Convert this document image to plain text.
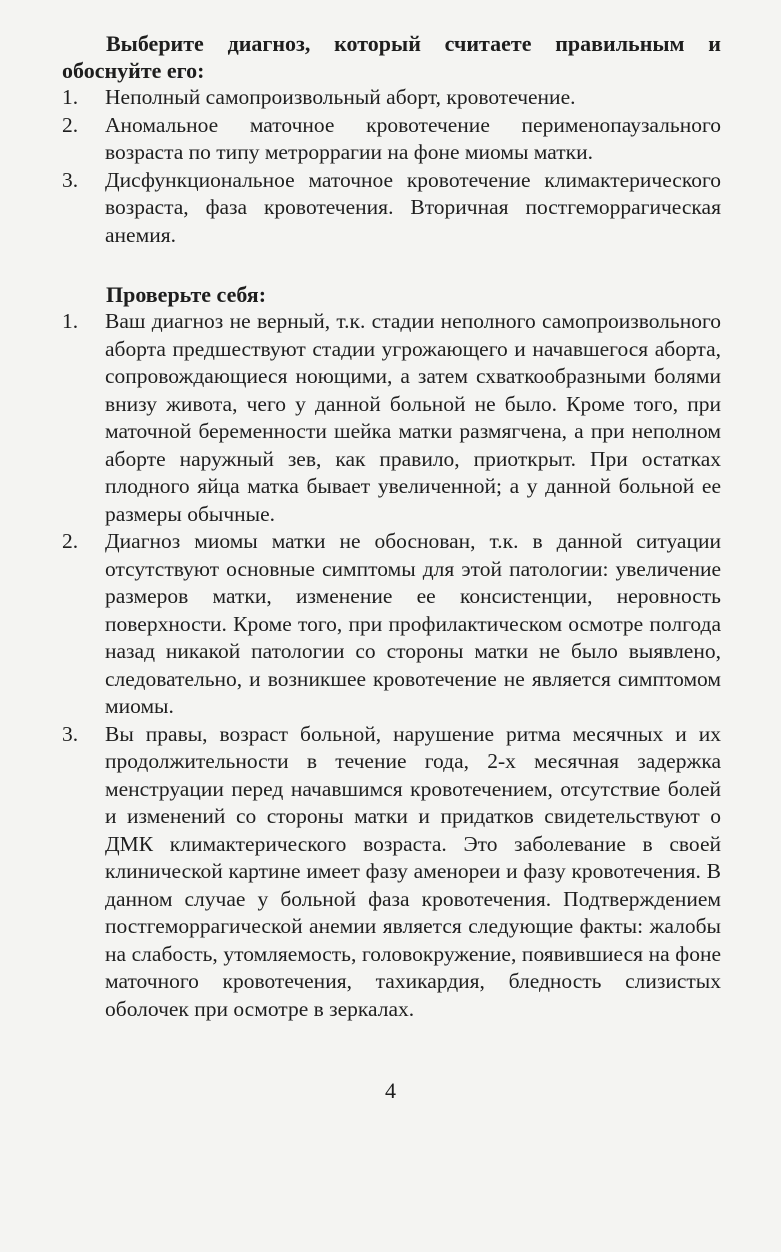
Выберите диагноз, который считаете правильным и обоснуйте его:

1. Неполный самопроизвольный аборт, кровотечение.
2. Аномальное маточное кровотечение перименопаузального возраста по типу метроррагии на фоне миомы матки.
3. Дисфункциональное маточное кровотечение климактерического возраста, фаза кровотечения. Вторичная постгеморрагическая анемия.

Проверьте себя:

1. Ваш диагноз не верный, т.к. стадии неполного самопроизвольного аборта предшествуют стадии угрожающего и начавшегося аборта, сопровождающиеся ноющими, а затем схваткообразными болями внизу живота, чего у данной больной не было. Кроме того, при маточной беременности шейка матки размягчена, а при неполном аборте наружный зев, как правило, приоткрыт. При остатках плодного яйца матка бывает увеличенной; а у данной больной ее размеры обычные.
2. Диагноз миомы матки не обоснован, т.к. в данной ситуации отсутствуют основные симптомы для этой патологии: увеличение размеров матки, изменение ее консистенции, неровность поверхности. Кроме того, при профилактическом осмотре полгода назад никакой патологии со стороны матки не было выявлено, следовательно, и возникшее кровотечение не является симптомом миомы.
3. Вы правы, возраст больной, нарушение ритма месячных и их продолжительности в течение года, 2-х месячная задержка менструации перед начавшимся кровотечением, отсутствие болей и изменений со стороны матки и придатков свидетельствуют о ДМК климактерического возраста. Это заболевание в своей клинической картине имеет фазу аменореи и фазу кровотечения. В данном случае у больной фаза кровотечения. Подтверждением постгеморрагической анемии является следующие факты: жалобы на слабость, утомляемость, головокружение, появившиеся на фоне маточного кровотечения, тахикардия, бледность слизистых оболочек при осмотре в зеркалах.
4
